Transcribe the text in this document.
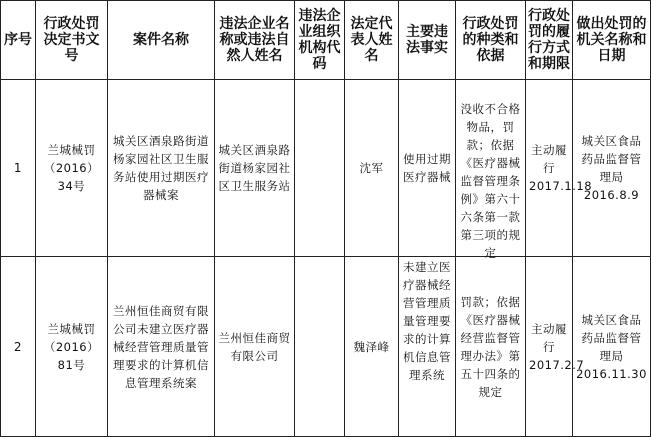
序号	行政处罚决定书文号	案件名称	违法企业名称或违法自然人姓名	违法企业组织机构代码	法定代表人姓名	主要违法事实	行政处罚的种类和依据	行政处罚的履行方式和期限	做出处罚的机关名称和日期
1	兰城械罚（2016）34号	城关区酒泉路街道杨家园社区卫生服务站使用过期医疗器械案	城关区酒泉路街道杨家园社区卫生服务站		沈军	使用过期医疗器械	没收不合格物品，罚款；依据《医疗器械监督管理条例》第六十六条第一款第三项的规定	主动履行2017.1.18	城关区食品药品监督管理局2016.8.9
2	兰城械罚（2016）81号	兰州恒佳商贸有限公司未建立医疗器械经营管理质量管理要求的计算机信息管理系统案	兰州恒佳商贸有限公司		魏泽峰	未建立医疗器械经营管理质量管理要求的计算机信息管理系统	罚款；依据《医疗器械经营监督管理办法》第五十四条的规定	主动履行2017.2.7	城关区食品药品监督管理局2016.11.30
